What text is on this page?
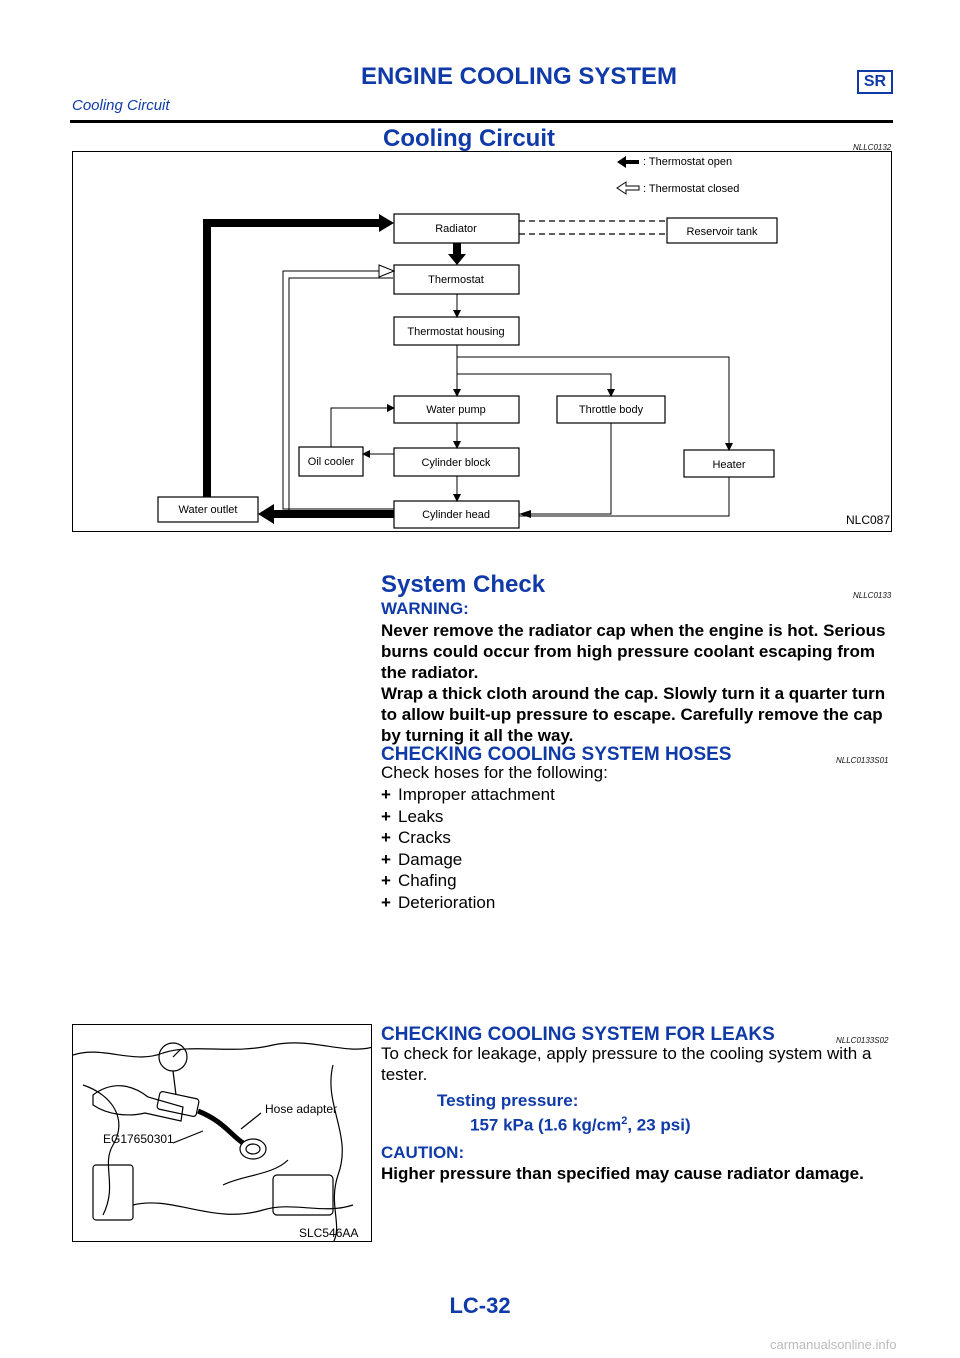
ENGINE COOLING SYSTEM	SR
Cooling Circuit
Cooling Circuit	NLLC0132
: Thermostat open
: Thermostat closed
Radiator	Reservoir tank
Thermostat
Thermostat housing
Water pump	Throttle body
Oil cooler	Cylinder block	Heater
Water outlet	Cylinder head	NLC087
System Check	NLLC0133
WARNING:
Never remove the radiator cap when the engine is hot. Serious
burns could occur from high pressure coolant escaping from
the radiator.
Wrap a thick cloth around the cap. Slowly turn it a quarter turn
to allow built-up pressure to escape. Carefully remove the cap
by turning it all the way.
CHECKING COOLING SYSTEM HOSES	NLLC0133S01
Check hoses for the following:
+ Improper attachment
+ Leaks
+ Cracks
+ Damage
+ Chafing
+ Deterioration
Hose adapter
EG17650301
SLC546AA
CHECKING COOLING SYSTEM FOR LEAKS	NLLC0133S02
To check for leakage, apply pressure to the cooling system with a
tester.
Testing pressure:
157 kPa (1.6 $kg/cm^2$, 23 psi)
CAUTION:
Higher pressure than specified may cause radiator damage.
LC-32
carmanualsonline.info
